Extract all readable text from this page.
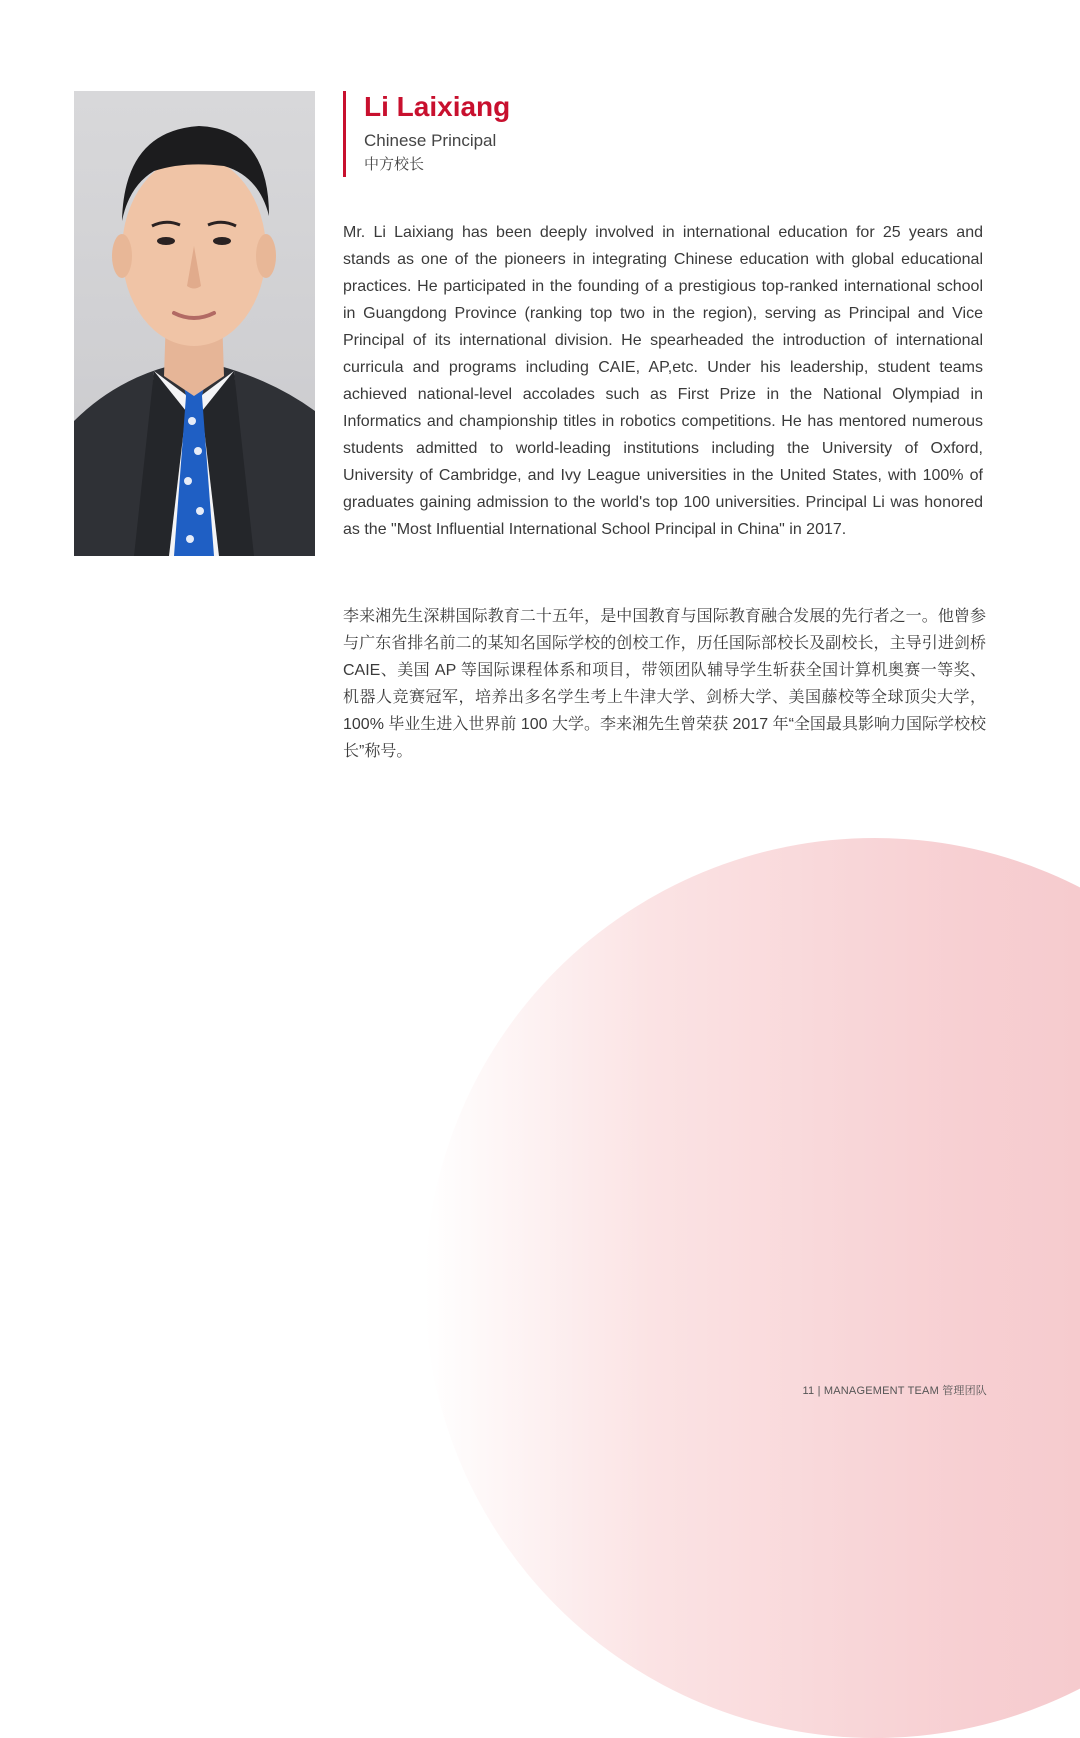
Li Laixiang
Chinese Principal
中方校长

Mr. Li Laixiang has been deeply involved in international education for 25 years and stands as one of the pioneers in integrating Chinese education with global educational practices. He participated in the founding of a prestigious top-ranked international school in Guangdong Province (ranking top two in the region), serving as Principal and Vice Principal of its international division. He spearheaded the introduction of international curricula and programs including CAIE, AP,etc. Under his leadership, student teams achieved national-level accolades such as First Prize in the National Olympiad in Informatics and championship titles in robotics competitions. He has mentored numerous students admitted to world-leading institutions including the University of Oxford, University of Cambridge, and Ivy League universities in the United States, with 100% of graduates gaining admission to the world's top 100 universities. Principal Li was honored as the "Most Influential International School Principal in China" in 2017.

李来湘先生深耕国际教育二十五年，是中国教育与国际教育融合发展的先行者之一。他曾参与广东省排名前二的某知名国际学校的创校工作，历任国际部校长及副校长，主导引进剑桥 CAIE、美国 AP 等国际课程体系和项目，带领团队辅导学生斩获全国计算机奥赛一等奖、机器人竞赛冠军，培养出多名学生考上牛津大学、剑桥大学、美国藤校等全球顶尖大学，100% 毕业生进入世界前 100 大学。李来湘先生曾荣获 2017 年“全国最具影响力国际学校校长”称号。

11 | MANAGEMENT TEAM 管理团队
